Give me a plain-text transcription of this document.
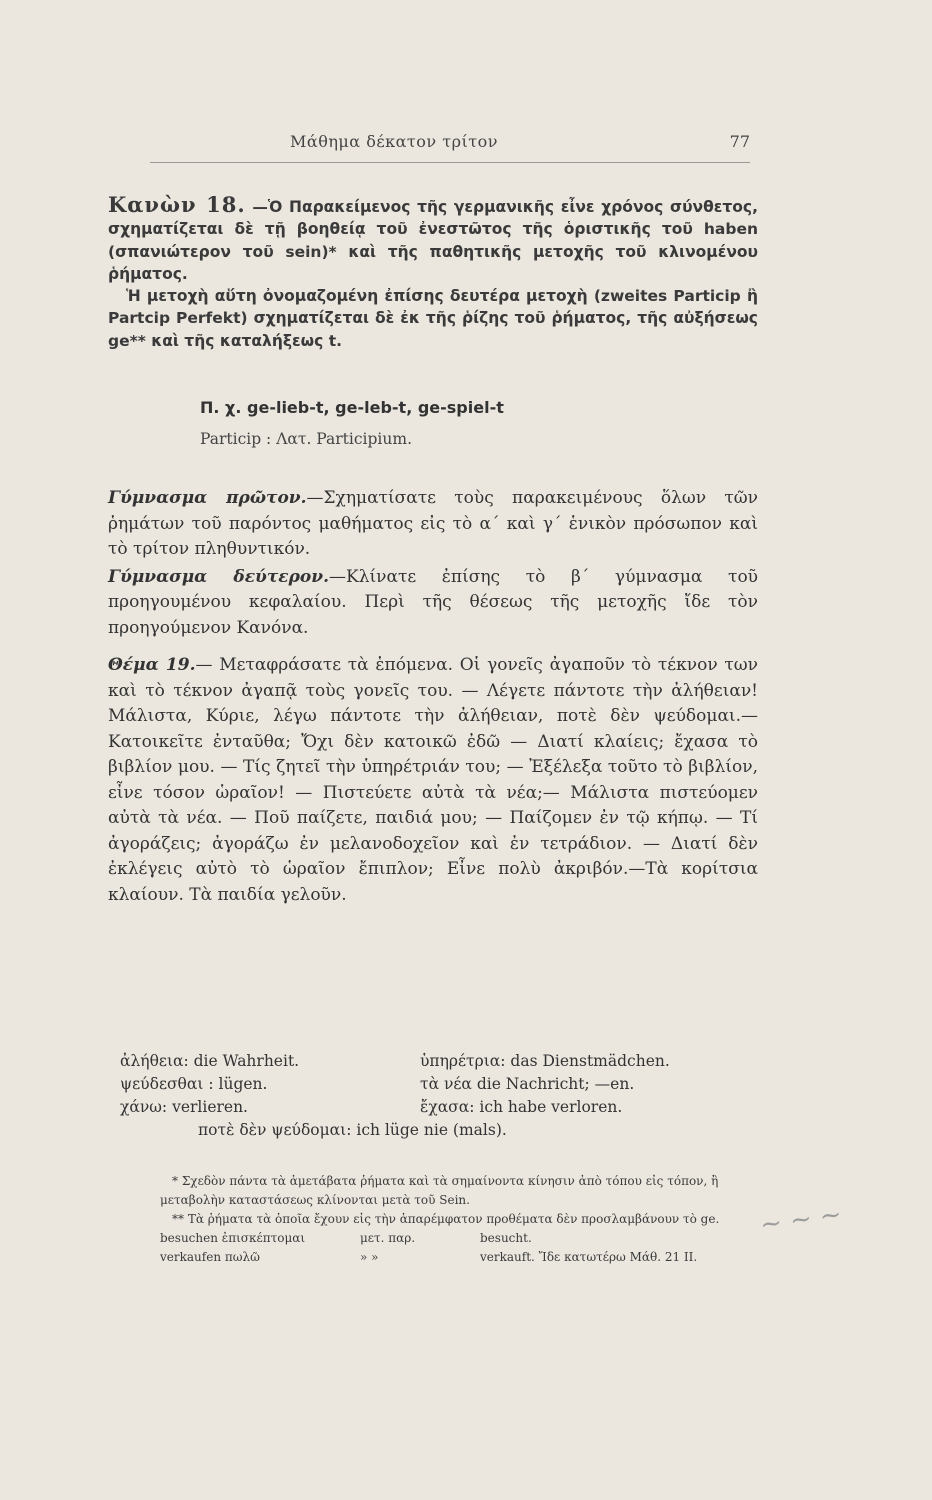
Μάθημα δέκατον τρίτον	77

Κανὼν 18. —Ὁ Παρακείμενος τῆς γερμανικῆς εἶνε χρόνος σύνθετος, σχηματίζεται δὲ τῇ βοηθείᾳ τοῦ ἐνεστῶτος τῆς ὁριστικῆς τοῦ haben (σπανιώτερον τοῦ sein)* καὶ τῆς παθητικῆς μετοχῆς τοῦ κλινομένου ῥήματος.

Ἡ μετοχὴ αὕτη ὀνομαζομένη ἐπίσης δευτέρα μετοχὴ (zweites Particip ἢ Partcip Perfekt) σχηματίζεται δὲ ἐκ τῆς ῥίζης τοῦ ῥήματος, τῆς αὐξήσεως ge** καὶ τῆς καταλήξεως t.

Π. χ. ge-lieb-t, ge-leb-t, ge-spiel-t
Particip : Λατ. Participium.

Γύμνασμα πρῶτον.—Σχηματίσατε τοὺς παρακειμένους ὅλων τῶν ῥημάτων τοῦ παρόντος μαθήματος εἰς τὸ α´ καὶ γ´ ἑνικὸν πρόσωπον καὶ τὸ τρίτον πληθυντικόν.

Γύμνασμα δεύτερον.—Κλίνατε ἐπίσης τὸ β´ γύμνασμα τοῦ προηγουμένου κεφαλαίου. Περὶ τῆς θέσεως τῆς μετοχῆς ἴδε τὸν προηγούμενον Κανόνα.

Θέμα 19.— Μεταφράσατε τὰ ἑπόμενα. Οἱ γονεῖς ἀγαποῦν τὸ τέκνον των καὶ τὸ τέκνον ἀγαπᾷ τοὺς γονεῖς του. — Λέγετε πάντοτε τὴν ἀλήθειαν! Μάλιστα, Κύριε, λέγω πάντοτε τὴν ἀλήθειαν, ποτὲ δὲν ψεύδομαι.— Κατοικεῖτε ἐνταῦθα; Ὄχι δὲν κατοικῶ ἐδῶ — Διατί κλαίεις; ἔχασα τὸ βιβλίον μου. — Τίς ζητεῖ τὴν ὑπηρέτριάν του; — Ἐξέλεξα τοῦτο τὸ βιβλίον, εἶνε τόσον ὡραῖον! — Πιστεύετε αὐτὰ τὰ νέα;— Μάλιστα πιστεύομεν αὐτὰ τὰ νέα. — Ποῦ παίζετε, παιδιά μου; — Παίζομεν ἐν τῷ κήπῳ. — Τί ἀγοράζεις; ἀγοράζω ἐν μελανοδοχεῖον καὶ ἐν τετράδιον. — Διατί δὲν ἐκλέγεις αὐτὸ τὸ ὡραῖον ἔπιπλον; Εἶνε πολὺ ἀκριβόν.—Τὰ κορίτσια κλαίουν. Τὰ παιδία γελοῦν.

ἀλήθεια: die Wahrheit.	ὑπηρέτρια: das Dienstmädchen.
ψεύδεσθαι : lügen.	τὰ νέα die Nachricht; —en.
χάνω: verlieren.	ἔχασα: ich habe verloren.
ποτὲ δὲν ψεύδομαι: ich lüge nie (mals).

* Σχεδὸν πάντα τὰ ἀμετάβατα ῥήματα καὶ τὰ σημαίνοντα κίνησιν ἀπὸ τόπου εἰς τόπον, ἢ μεταβολὴν καταστάσεως κλίνονται μετὰ τοῦ Sein.

** Τὰ ῥήματα τὰ ὁποῖα ἔχουν εἰς τὴν ἀπαρέμφατον προθέματα δὲν προσλαμβάνουν τὸ ge.

besuchen ἐπισκέπτομαι	μετ. παρ.	besucht.
verkaufen πωλῶ	» »	verkauft. Ἴδε κατωτέρω Μάθ. 21 II.
~ ~ ~
